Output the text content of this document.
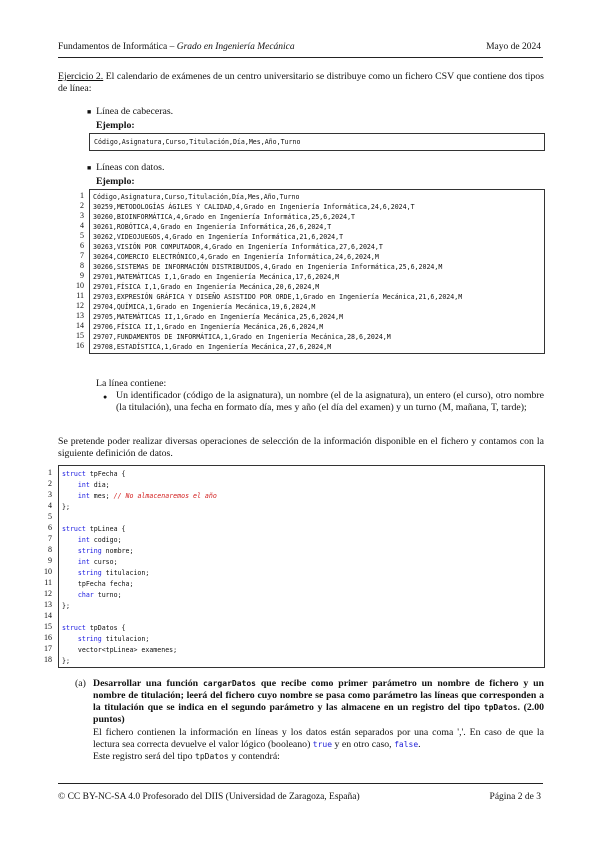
Fundamentos de Informática – Grado en Ingeniería Mecánica	Mayo de 2024
Ejercicio 2. El calendario de exámenes de un centro universitario se distribuye como un fichero CSV que contiene dos tipos de línea:
■ Línea de cabeceras.
Ejemplo:
Código,Asignatura,Curso,Titulación,Día,Mes,Año,Turno
■ Líneas con datos.
Ejemplo:
Código,Asignatura,Curso,Titulación,Día,Mes,Año,Turno
30259,METODOLOGÍAS ÁGILES Y CALIDAD,4,Grado en Ingeniería Informática,24,6,2024,T
30260,BIOINFORMÁTICA,4,Grado en Ingeniería Informática,25,6,2024,T
30261,ROBÓTICA,4,Grado en Ingeniería Informática,26,6,2024,T
30262,VIDEOJUEGOS,4,Grado en Ingeniería Informática,21,6,2024,T
30263,VISIÓN POR COMPUTADOR,4,Grado en Ingeniería Informática,27,6,2024,T
30264,COMERCIO ELECTRÓNICO,4,Grado en Ingeniería Informática,24,6,2024,M
30266,SISTEMAS DE INFORMACIÓN DISTRIBUIDOS,4,Grado en Ingeniería Informática,25,6,2024,M
29701,MATEMÁTICAS I,1,Grado en Ingeniería Mecánica,17,6,2024,M
29701,FÍSICA I,1,Grado en Ingeniería Mecánica,20,6,2024,M
29703,EXPRESIÓN GRÁFICA Y DISEÑO ASISTIDO POR ORDE,1,Grado en Ingeniería Mecánica,21,6,2024,M
29704,QUÍMICA,1,Grado en Ingeniería Mecánica,19,6,2024,M
29705,MATEMÁTICAS II,1,Grado en Ingeniería Mecánica,25,6,2024,M
29706,FÍSICA II,1,Grado en Ingeniería Mecánica,26,6,2024,M
29707,FUNDAMENTOS DE INFORMÁTICA,1,Grado en Ingeniería Mecánica,28,6,2024,M
29708,ESTADÍSTICA,1,Grado en Ingeniería Mecánica,27,6,2024,M
1
2
3
4
5
6
7
8
9
10
11
12
13
14
15
16
La línea contiene:
● Un identificador (código de la asignatura), un nombre (el de la asignatura), un entero (el curso), otro nombre (la titulación), una fecha en formato día, mes y año (el día del examen) y un turno (M, mañana, T, tarde);
Se pretende poder realizar diversas operaciones de selección de la información disponible en el fichero y contamos con la siguiente definición de datos.
struct tpFecha {
int dia;
int mes; // No almacenaremos el año
};
struct tpLinea {
int codigo;
string nombre;
int curso;
string titulacion;
tpFecha fecha;
char turno;
};
struct tpDatos {
string titulacion;
vector<tpLinea> examenes;
};
1
2
3
4
5
6
7
8
9
10
11
12
13
14
15
16
17
18
(a) Desarrollar una función cargarDatos que recibe como primer parámetro un nombre de fichero y un nombre de titulación; leerá del fichero cuyo nombre se pasa como parámetro las líneas que corresponden a la titulación que se indica en el segundo parámetro y las almacene en un registro del tipo tpDatos. (2.00 puntos)
El fichero contienen la información en líneas y los datos están separados por una coma ','. En caso de que la lectura sea correcta devuelve el valor lógico (booleano) true y en otro caso, false.
Este registro será del tipo tpDatos y contendrá:
© CC BY-NC-SA 4.0 Profesorado del DIIS (Universidad de Zaragoza, España)	Página 2 de 3
